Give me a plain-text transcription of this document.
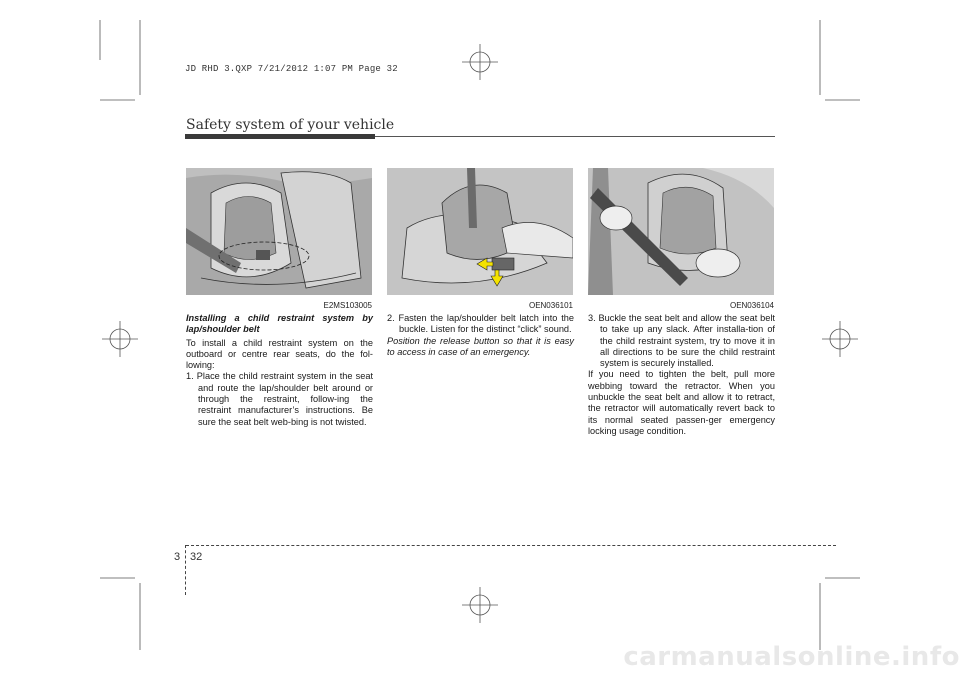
JD RHD 3.QXP 7/21/2012 1:07 PM Page 32
Safety system of your vehicle
E2MS103005	OEN036101	OEN036104

Installing a child restraint system by lap/shoulder belt

To install a child restraint system on the outboard or centre rear seats, do the fol-lowing:

1. Place the child restraint system in the seat and route the lap/shoulder belt around or through the restraint, follow-ing the restraint manufacturer’s instructions. Be sure the seat belt web-bing is not twisted.

2. Fasten the lap/shoulder belt latch into the buckle. Listen for the distinct “click” sound.

Position the release button so that it is easy to access in case of an emergency.

3. Buckle the seat belt and allow the seat belt to take up any slack. After installa-tion of the child restraint system, try to move it in all directions to be sure the child restraint system is securely installed.

If you need to tighten the belt, pull more webbing toward the retractor. When you unbuckle the seat belt and allow it to retract, the retractor will automatically revert back to its normal seated passen-ger emergency locking usage condition.

3 32
carmanualsonline.info
